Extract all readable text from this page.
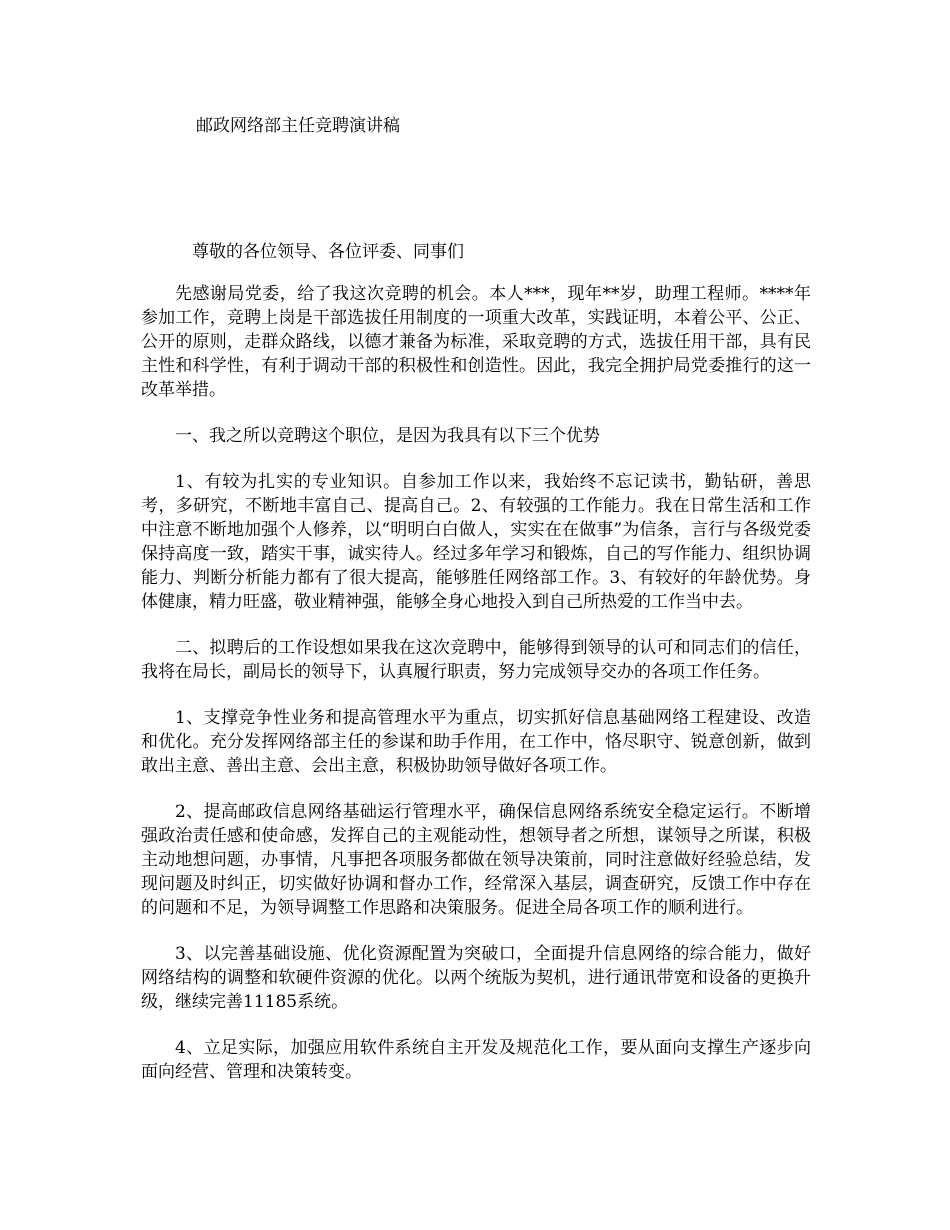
邮政网络部主任竞聘演讲稿
尊敬的各位领导、各位评委、同事们

先感谢局党委，给了我这次竞聘的机会。本人***，现年**岁，助理工程师。****年参加工作，竞聘上岗是干部选拔任用制度的一项重大改革，实践证明，本着公平、公正、公开的原则，走群众路线，以德才兼备为标准，采取竞聘的方式，选拔任用干部，具有民主性和科学性，有利于调动干部的积极性和创造性。因此，我完全拥护局党委推行的这一改革举措。

一、我之所以竞聘这个职位，是因为我具有以下三个优势

1、有较为扎实的专业知识。自参加工作以来，我始终不忘记读书，勤钻研，善思考，多研究，不断地丰富自己、提高自己。2、有较强的工作能力。我在日常生活和工作中注意不断地加强个人修养，以“明明白白做人，实实在在做事”为信条，言行与各级党委保持高度一致，踏实干事，诚实待人。经过多年学习和锻炼，自己的写作能力、组织协调能力、判断分析能力都有了很大提高，能够胜任网络部工作。3、有较好的年龄优势。身体健康，精力旺盛，敬业精神强，能够全身心地投入到自己所热爱的工作当中去。

二、拟聘后的工作设想如果我在这次竞聘中，能够得到领导的认可和同志们的信任，我将在局长，副局长的领导下，认真履行职责，努力完成领导交办的各项工作任务。

1、支撑竞争性业务和提高管理水平为重点，切实抓好信息基础网络工程建设、改造和优化。充分发挥网络部主任的参谋和助手作用，在工作中，恪尽职守、锐意创新，做到敢出主意、善出主意、会出主意，积极协助领导做好各项工作。

2、提高邮政信息网络基础运行管理水平，确保信息网络系统安全稳定运行。不断增强政治责任感和使命感，发挥自己的主观能动性，想领导者之所想，谋领导之所谋，积极主动地想问题，办事情，凡事把各项服务都做在领导决策前，同时注意做好经验总结，发现问题及时纠正，切实做好协调和督办工作，经常深入基层，调查研究，反馈工作中存在的问题和不足，为领导调整工作思路和决策服务。促进全局各项工作的顺利进行。

3、以完善基础设施、优化资源配置为突破口，全面提升信息网络的综合能力，做好网络结构的调整和软硬件资源的优化。以两个统版为契机，进行通讯带宽和设备的更换升级，继续完善11185系统。

4、立足实际，加强应用软件系统自主开发及规范化工作，要从面向支撑生产逐步向面向经营、管理和决策转变。
